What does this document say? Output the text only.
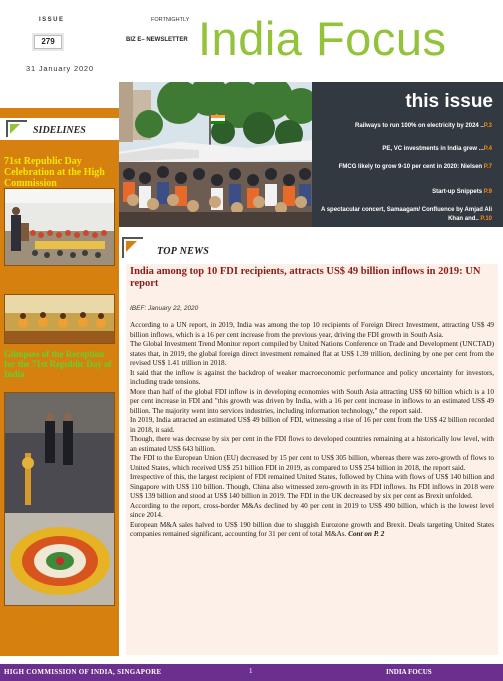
ISSUE
279
31 January 2020
FORTNIGHTLY
BIZ E– NEWSLETTER India Focus
SIDELINES
71st Republic Day Celebration at the High Commission
Glimpses of the Reception for the 71st Republic Day of India
this issue
Railways to run 100% on electricity by 2024 ..P.3
PE, VC investments in India grew ...P.4
FMCG likely to grow 9-10 per cent in 2020: Nielsen P.7
Start-up Snippets P.9
A spectacular concert, Samaagam/ Confluence by Amjad Ali Khan and.. P.10
TOP NEWS
India among top 10 FDI recipients, attracts US$ 49 billion inflows in 2019: UN report
IBEF: January 22, 2020

According to a UN report, in 2019, India was among the top 10 recipients of Foreign Direct Investment, attracting US$ 49 billion inflows, which is a 16 per cent increase from the previous year, driving the FDI growth in South Asia.

The Global Investment Trend Monitor report compiled by United Nations Conference on Trade and Development (UNCTAD) states that, in 2019, the global foreign direct investment remained flat at US$ 1.39 trillion, declining by one per cent from the revised US$ 1.41 trillion in 2018.

It said that the inflow is against the backdrop of weaker macroeconomic performance and policy uncertainty for investors, including trade tensions.

More than half of the global FDI inflow is in developing economies with South Asia attracting US$ 60 billion which is a 10 per cent increase in FDI and "this growth was driven by India, with a 16 per cent increase in inflows to an estimated US$ 49 billion. The majority went into services industries, including information technology," the report said.

In 2019, India attracted an estimated US$ 49 billion of FDI, witnessing a rise of 16 per cent from the US$ 42 billion recorded in 2018, it said.

Though, there was decrease by six per cent in the FDI flows to developed countries remaining at a historically low level, with an estimated US$ 643 billion.

The FDI to the European Union (EU) decreased by 15 per cent to US$ 305 billion, whereas there was zero-growth of flows to United States, which received US$ 251 billion FDI in 2019, as compared to US$ 254 billion in 2018, the report said.

Irrespective of this, the largest recipient of FDI remained United States, followed by China with flows of US$ 140 billion and Singapore with US$ 110 billion. Though, China also witnessed zero-growth in its FDI inflows. Its FDI inflows in 2018 were US$ 139 billion and stood at US$ 140 billion in 2019. The FDI in the UK decreased by six per cent as Brexit unfolded.

According to the report, cross-border M&As declined by 40 per cent in 2019 to US$ 490 billion, which is the lowest level since 2014.

European M&A sales halved to US$ 190 billion due to sluggish Eurozone growth and Brexit. Deals targeting United States companies remained significant, accounting for 31 per cent of total M&As. Cont on P. 2

HIGH COMMISSION OF INDIA, SINGAPORE	1	INDIA FOCUS
